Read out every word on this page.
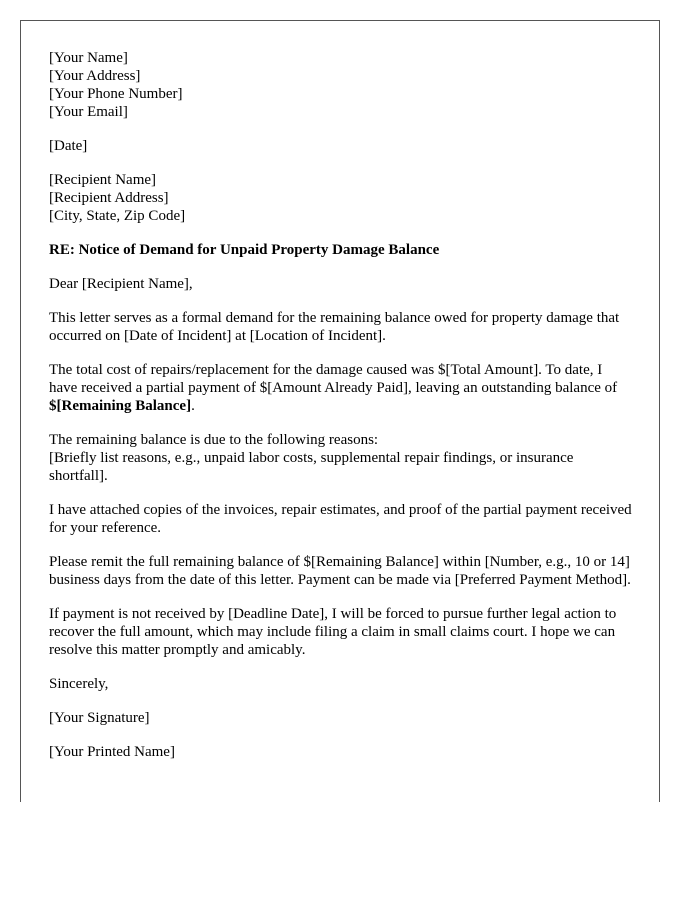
[Your Name]
[Your Address]
[Your Phone Number]
[Your Email]
[Date]
[Recipient Name]
[Recipient Address]
[City, State, Zip Code]

RE: Notice of Demand for Unpaid Property Damage Balance

Dear [Recipient Name],

This letter serves as a formal demand for the remaining balance owed for property damage that occurred on [Date of Incident] at [Location of Incident].

The total cost of repairs/replacement for the damage caused was $[Total Amount]. To date, I have received a partial payment of $[Amount Already Paid], leaving an outstanding balance of $[Remaining Balance].

The remaining balance is due to the following reasons:
[Briefly list reasons, e.g., unpaid labor costs, supplemental repair findings, or insurance shortfall].

I have attached copies of the invoices, repair estimates, and proof of the partial payment received for your reference.

Please remit the full remaining balance of $[Remaining Balance] within [Number, e.g., 10 or 14] business days from the date of this letter. Payment can be made via [Preferred Payment Method].

If payment is not received by [Deadline Date], I will be forced to pursue further legal action to recover the full amount, which may include filing a claim in small claims court. I hope we can resolve this matter promptly and amicably.

Sincerely,

[Your Signature]

[Your Printed Name]
